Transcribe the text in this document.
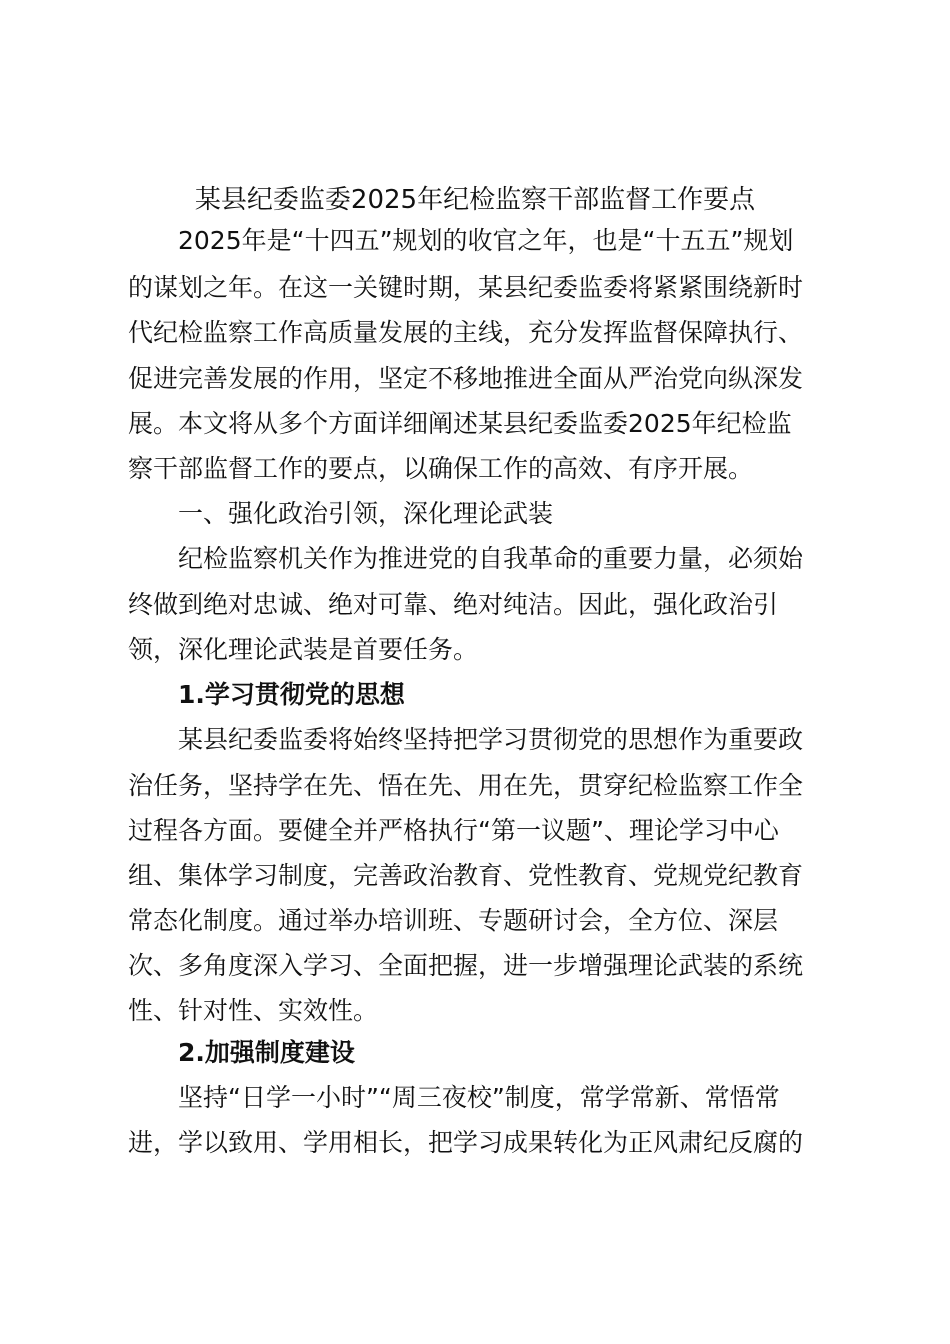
某县纪委监委2025年纪检监察干部监督工作要点

2025年是“十四五”规划的收官之年，也是“十五五”规划

的谋划之年。在这一关键时期，某县纪委监委将紧紧围绕新时

代纪检监察工作高质量发展的主线，充分发挥监督保障执行、

促进完善发展的作用，坚定不移地推进全面从严治党向纵深发

展。本文将从多个方面详细阐述某县纪委监委2025年纪检监

察干部监督工作的要点，以确保工作的高效、有序开展。

一、强化政治引领，深化理论武装

纪检监察机关作为推进党的自我革命的重要力量，必须始

终做到绝对忠诚、绝对可靠、绝对纯洁。因此，强化政治引

领，深化理论武装是首要任务。

1.学习贯彻党的思想

某县纪委监委将始终坚持把学习贯彻党的思想作为重要政

治任务，坚持学在先、悟在先、用在先，贯穿纪检监察工作全

过程各方面。要健全并严格执行“第一议题”、理论学习中心

组、集体学习制度，完善政治教育、党性教育、党规党纪教育

常态化制度。通过举办培训班、专题研讨会，全方位、深层

次、多角度深入学习、全面把握，进一步增强理论武装的系统

性、针对性、实效性。

2.加强制度建设

坚持“日学一小时”“周三夜校”制度，常学常新、常悟常

进，学以致用、学用相长，把学习成果转化为正风肃纪反腐的
